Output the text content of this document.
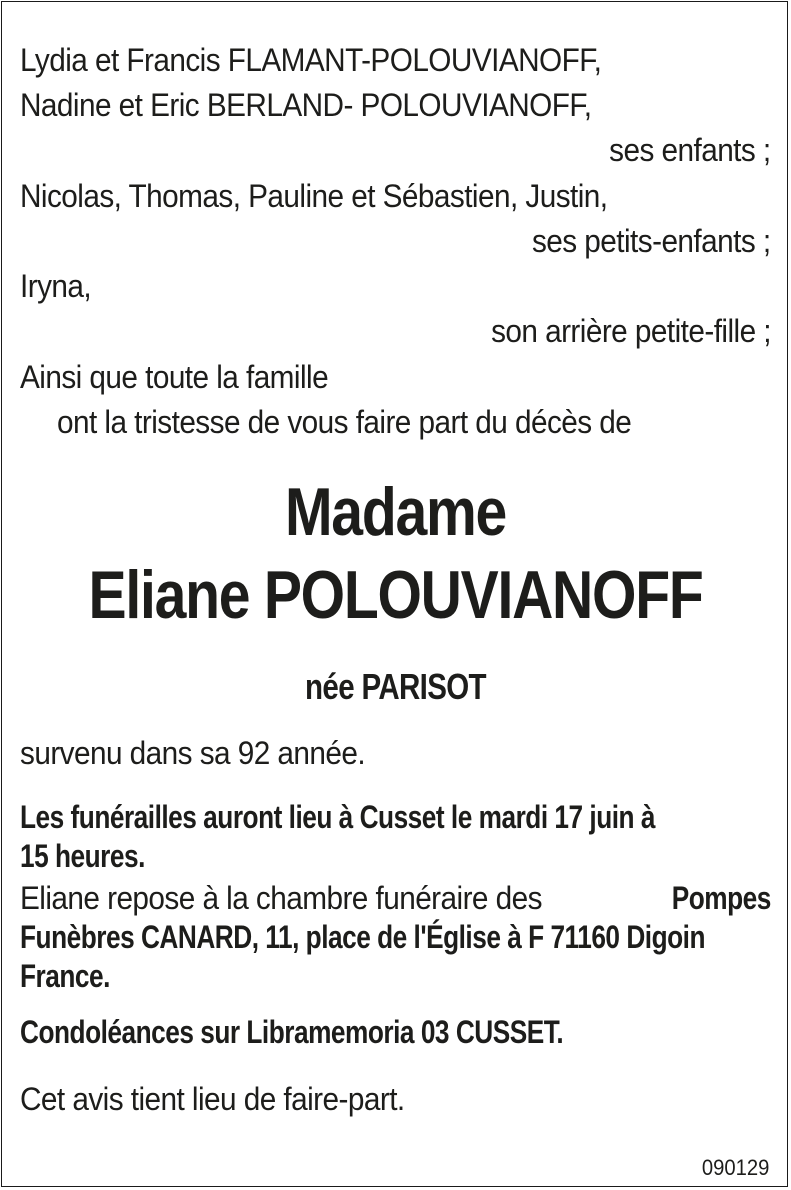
Lydia et Francis FLAMANT-POLOUVIANOFF,

Nadine et Eric BERLAND- POLOUVIANOFF,

ses enfants ;

Nicolas, Thomas, Pauline et Sébastien, Justin,

ses petits-enfants ;

Iryna,

son arrière petite-fille ;

Ainsi que toute la famille

ont la tristesse de vous faire part du décès de

Madame

Eliane POLOUVIANOFF

née PARISOT

survenu dans sa 92 année.

Les funérailles auront lieu à Cusset le mardi 17 juin à

15 heures.

Eliane repose à la chambre funéraire des	Pompes

Funèbres CANARD, 11, place de l'Église à F 71160 Digoin

France.

Condoléances sur Libramemoria 03 CUSSET.

Cet avis tient lieu de faire-part.

090129
